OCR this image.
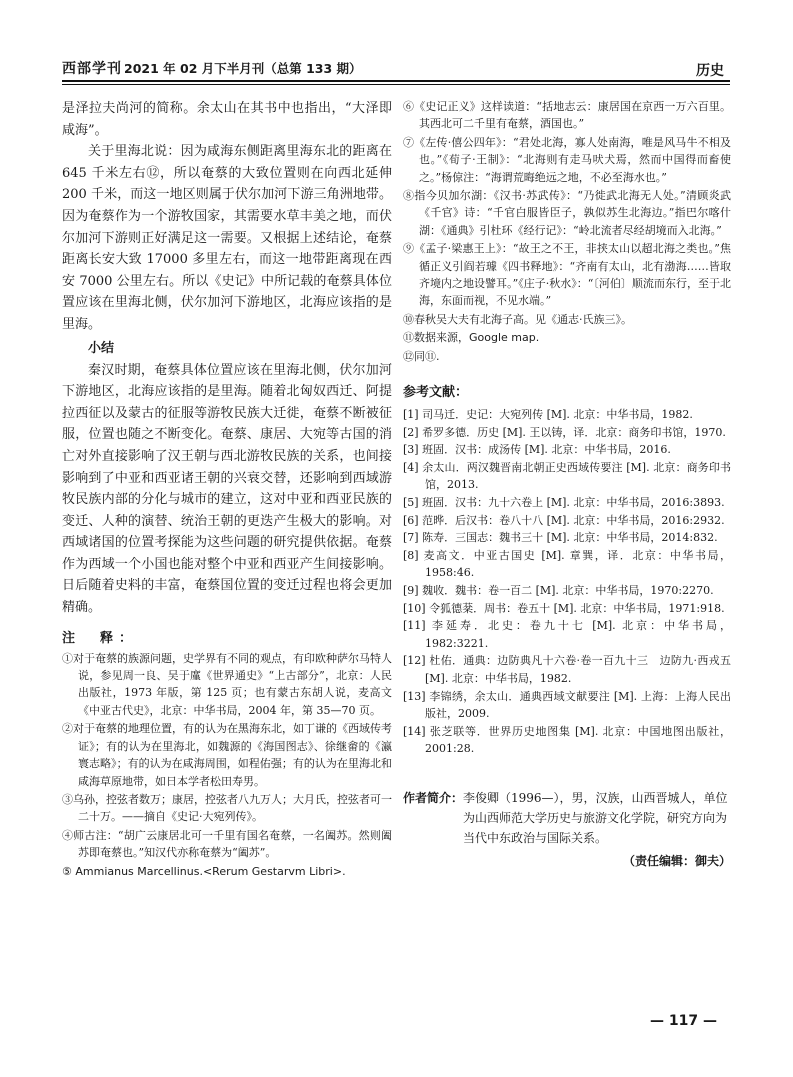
西部学刊 2021 年 02 月下半月刊（总第 133 期）	历史

是泽拉夫尚河的简称。余太山在其书中也指出，“大泽即咸海”。

关于里海北说：因为咸海东侧距离里海东北的距离在 645 千米左右⑫，所以奄蔡的大致位置则在向西北延伸 200 千米，而这一地区则属于伏尔加河下游三角洲地带。因为奄蔡作为一个游牧国家，其需要水草丰美之地，而伏尔加河下游则正好满足这一需要。又根据上述结论，奄蔡距离长安大致 17000 多里左右，而这一地带距离现在西安 7000 公里左右。所以《史记》中所记载的奄蔡具体位置应该在里海北侧，伏尔加河下游地区，北海应该指的是里海。

小结

秦汉时期，奄蔡具体位置应该在里海北侧，伏尔加河下游地区，北海应该指的是里海。随着北匈奴西迁、阿提拉西征以及蒙古的征服等游牧民族大迁徙，奄蔡不断被征服，位置也随之不断变化。奄蔡、康居、大宛等古国的消亡对外直接影响了汉王朝与西北游牧民族的关系，也间接影响到了中亚和西亚诸王朝的兴衰交替，还影响到西域游牧民族内部的分化与城市的建立，这对中亚和西亚民族的变迁、人种的演替、统治王朝的更迭产生极大的影响。对西域诸国的位置考探能为这些问题的研究提供依据。奄蔡作为西域一个小国也能对整个中亚和西亚产生间接影响。日后随着史料的丰富，奄蔡国位置的变迁过程也将会更加精确。

注　释：

①对于奄蔡的族源问题，史学界有不同的观点，有印欧种萨尔马特人说，参见周一良、吴于廑《世界通史》“上古部分”，北京：人民出版社，1973 年版，第 125 页；也有蒙古东胡人说，麦高文《中亚古代史》，北京：中华书局，2004 年，第 35—70 页。

②对于奄蔡的地理位置，有的认为在黑海东北，如丁谦的《西域传考证》；有的认为在里海北，如魏源的《海国图志》、徐继畲的《瀛寰志略》；有的认为在咸海周围，如程佑强；有的认为在里海北和咸海草原地带，如日本学者松田寿男。

③乌孙，控弦者数万；康居，控弦者八九万人；大月氏，控弦者可一二十万。——摘自《史记·大宛列传》。

④师古注：“胡广云康居北可一千里有国名奄蔡，一名阖苏。然则阖苏即奄蔡也。”知汉代亦称奄蔡为“阖苏”。

⑤ Ammianus Marcellinus.<Rerum Gestarvm Libri>.

⑥《史记正义》这样读道：“括地志云：康居国在京西一万六百里。其西北可二千里有奄蔡，酒国也。”

⑦《左传·僖公四年》：“君处北海，寡人处南海，唯是风马牛不相及也。”《荀子·王制》：“北海则有走马吠犬焉，然而中国得而畜使之。”杨倞注：“海谓荒晦绝远之地，不必至海水也。”

⑧指今贝加尔湖：《汉书·苏武传》：“乃徙武北海无人处。”清顾炎武《千官》诗：“千官白服皆臣子，孰似苏生北海边。”指巴尔喀什湖：《通典》引杜环《经行记》：“岭北流者尽经胡境而入北海。”

⑨《孟子·梁惠王上》：“故王之不王，非挟太山以超北海之类也。”焦循正义引阎若璩《四书释地》：“齐南有太山，北有渤海……皆取齐境内之地设譬耳。”《庄子·秋水》：“〔河伯〕顺流而东行，至于北海，东面而视，不见水端。”

⑩春秋吴大夫有北海子高。见《通志·氏族三》。

⑪数据来源，Google map.

⑫同⑪.

参考文献：

[1] 司马迁．史记：大宛列传 [M]. 北京：中华书局，1982.

[2] 希罗多德．历史 [M]. 王以铸，译．北京：商务印书馆，1970.

[3] 班固．汉书：成汤传 [M]. 北京：中华书局，2016.

[4] 余太山．两汉魏晋南北朝正史西域传要注 [M]. 北京：商务印书馆，2013.

[5] 班固．汉书：九十六卷上 [M]. 北京：中华书局，2016:3893.

[6] 范晔．后汉书：卷八十八 [M]. 北京：中华书局，2016:2932.

[7] 陈寿．三国志：魏书三十 [M]. 北京：中华书局，2014:832.

[8] 麦高文．中亚古国史 [M]. 章巽，译．北京：中华书局，1958:46.

[9] 魏收．魏书：卷一百二 [M]. 北京：中华书局，1970:2270.

[10] 令狐德棻．周书：卷五十 [M]. 北京：中华书局，1971:918.

[11] 李延寿．北史：卷九十七 [M]. 北京：中华书局，1982:3221.

[12] 杜佑．通典：边防典凡十六卷·卷一百九十三　边防九·西戎五 [M]. 北京：中华书局，1982.

[13] 李锦绣，余太山．通典西域文献要注 [M]. 上海：上海人民出版社，2009.

[14] 张芝联等．世界历史地图集 [M]. 北京：中国地图出版社，2001:28.

作者简介： 李俊卿（1996—），男，汉族，山西晋城人，单位为山西师范大学历史与旅游文化学院，研究方向为当代中东政治与国际关系。
（责任编辑：御夫）
— 117 —
